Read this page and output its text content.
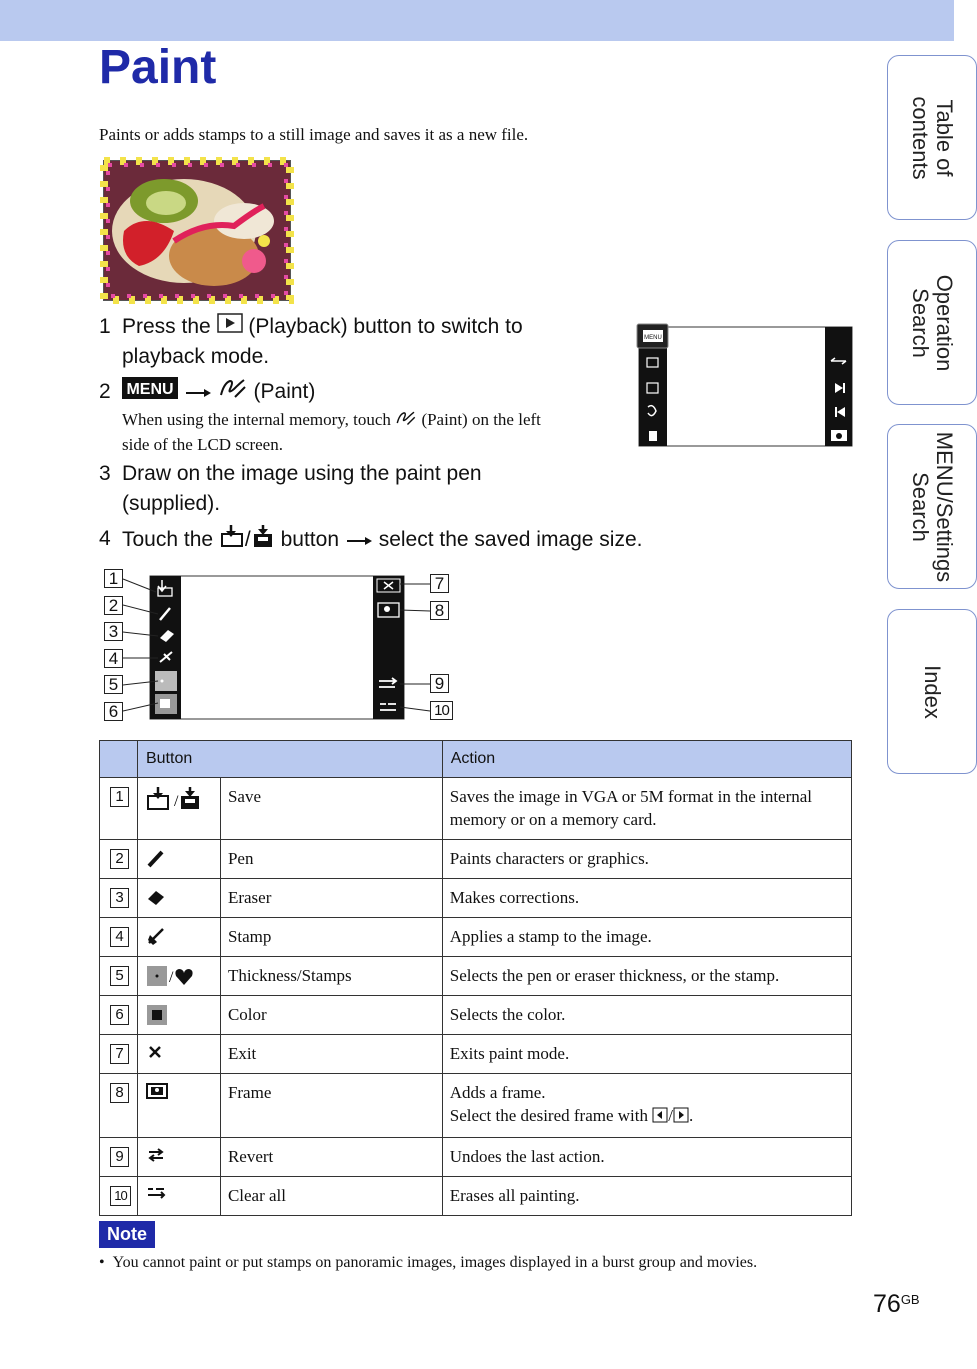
Paint
Paints or adds stamps to a still image and saves it as a new file.
1 Press the (Playback) button to switch to
playback mode.
2 MENU	(Paint)
When using the internal memory, touch (Paint) on the left
side of the LCD screen.
3 Draw on the image using the paint pen
(supplied).
4 Touch the / button select the saved image size.
MENU
1
2
3
4
5
6
7
8
9
10
	Button		Action
1	/	Save	Saves the image in VGA or 5M format in the internal memory or on a memory card.
2		Pen	Paints characters or graphics.
3		Eraser	Makes corrections.
4		Stamp	Applies a stamp to the image.
5	/	Thickness/Stamps	Selects the pen or eraser thickness, or the stamp.
6		Color	Selects the color.
7		Exit	Exits paint mode.
8		Frame	Adds a frame.
Select the desired frame with / .
9		Revert	Undoes the last action.
10		Clear all	Erases all painting.
Note
•  You cannot paint or put stamps on panoramic images, images displayed in a burst group and movies.
$76^{GB}$
Table of
contents
Operation
Search
MENU/Settings
Search
Index
